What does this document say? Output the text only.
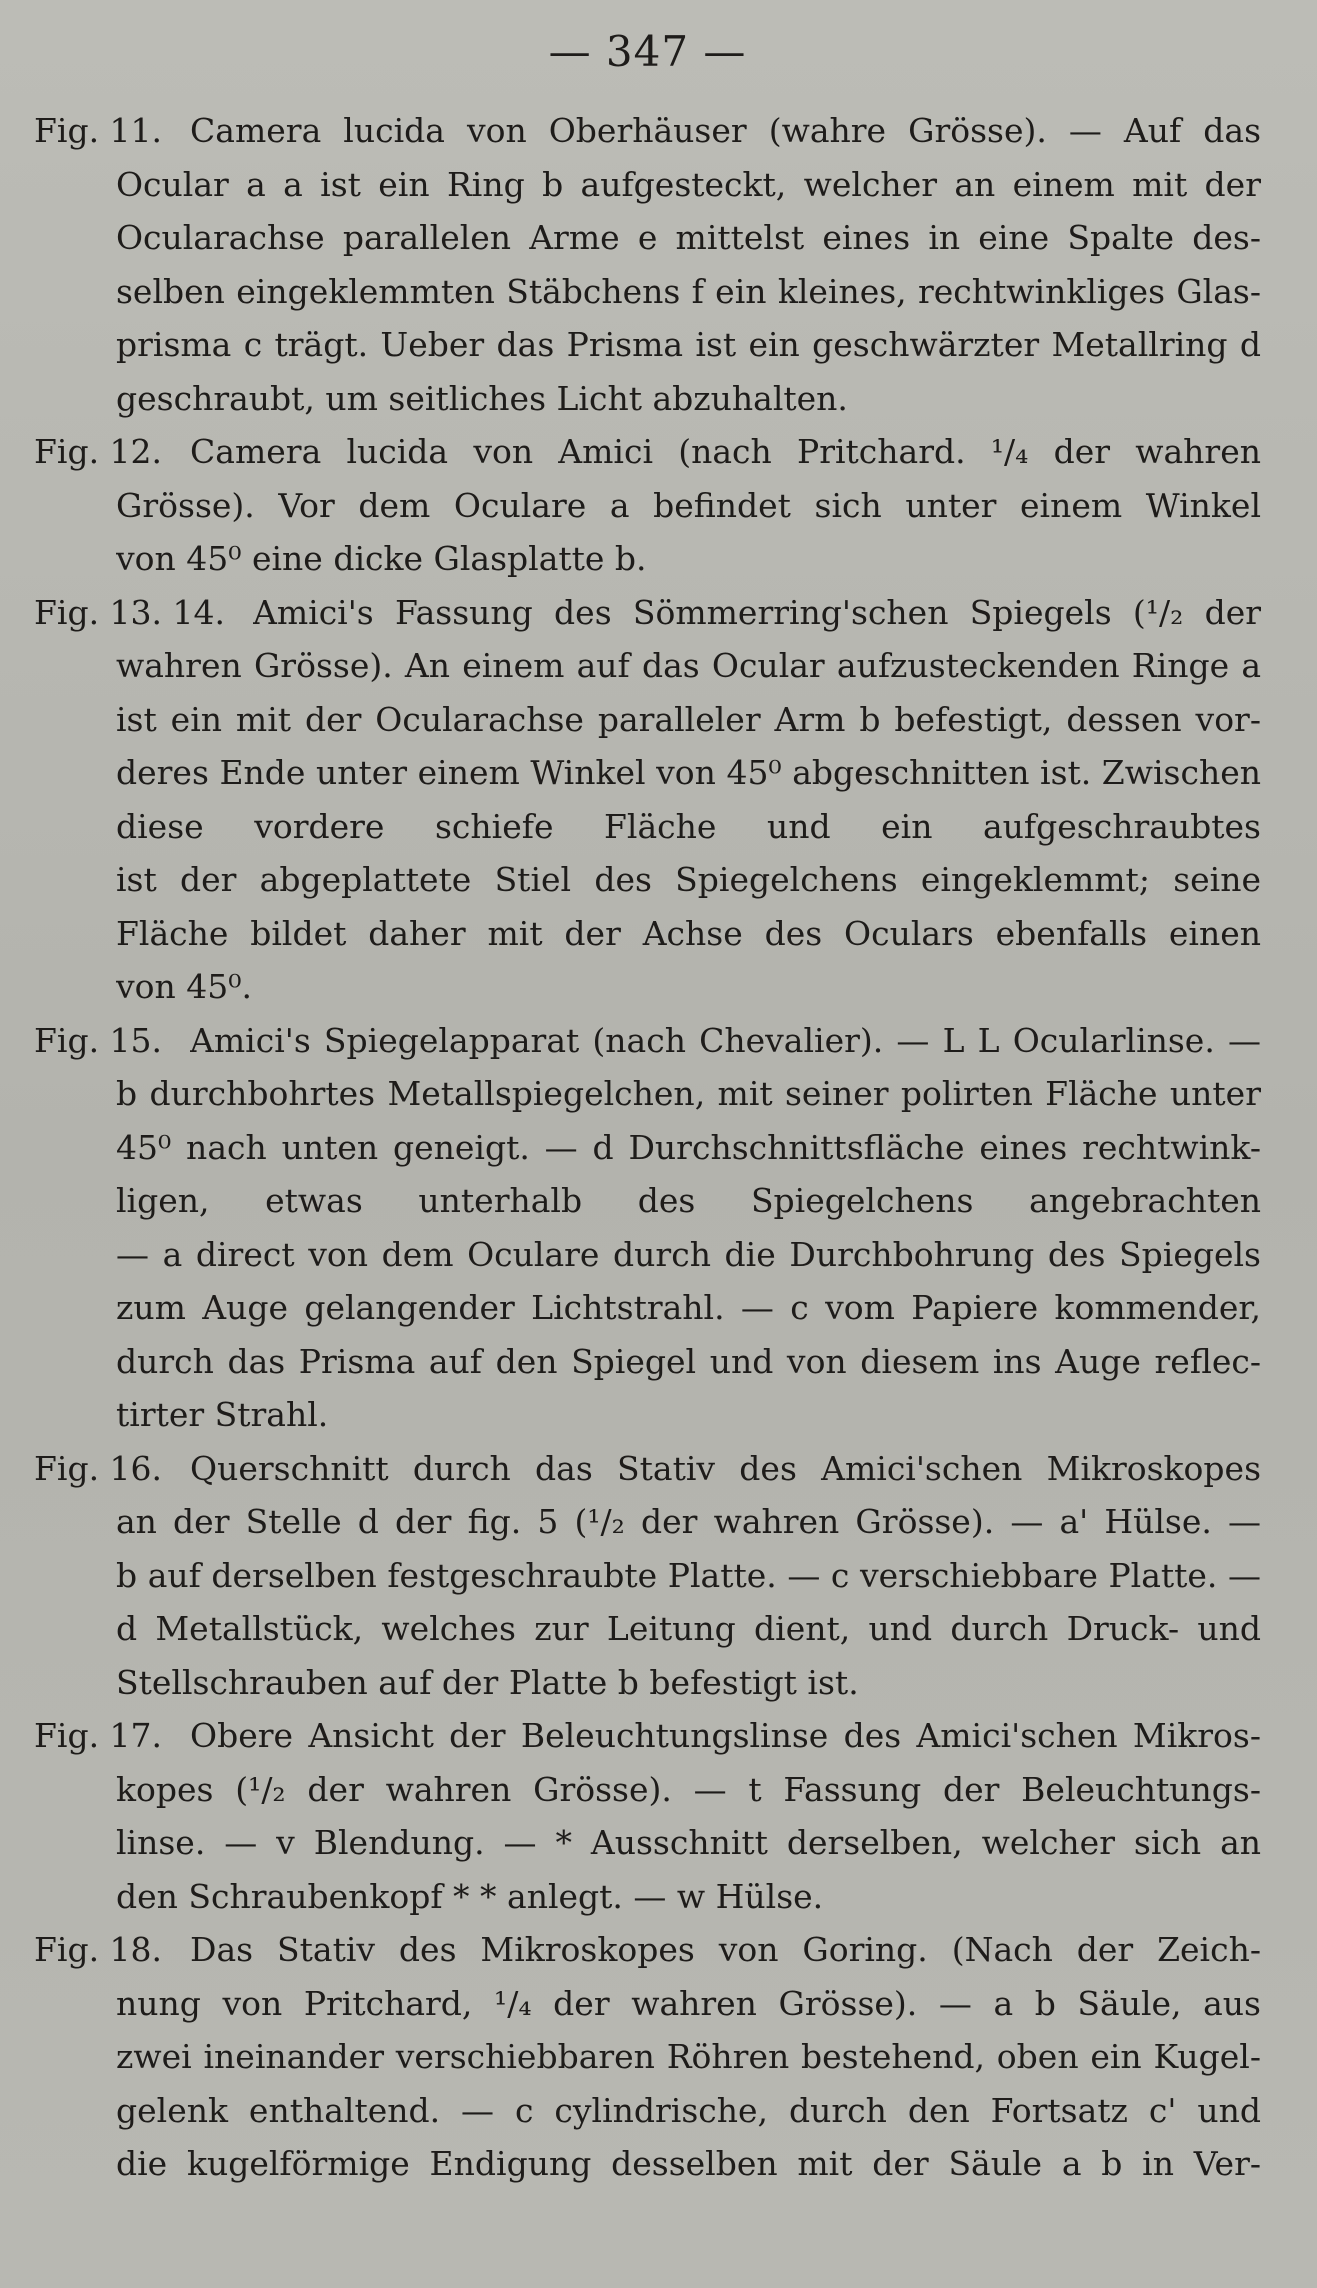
— 347 —
Fig. 11. Camera lucida von Oberhäuser (wahre Grösse). — Auf das
Ocular a a ist ein Ring b aufgesteckt, welcher an einem mit der
Ocularachse parallelen Arme e mittelst eines in eine Spalte des-
selben eingeklemmten Stäbchens f ein kleines, rechtwinkliges Glas-
prisma c trägt. Ueber das Prisma ist ein geschwärzter Metallring d
geschraubt, um seitliches Licht abzuhalten.
Fig. 12. Camera lucida von Amici (nach Pritchard. ¹/₄ der wahren
Grösse). Vor dem Oculare a befindet sich unter einem Winkel
von 45⁰ eine dicke Glasplatte b.
Fig. 13. 14. Amici's Fassung des Sömmerring'schen Spiegels (¹/₂ der
wahren Grösse). An einem auf das Ocular aufzusteckenden Ringe a
ist ein mit der Ocularachse paralleler Arm b befestigt, dessen vor-
deres Ende unter einem Winkel von 45⁰ abgeschnitten ist. Zwischen
diese vordere schiefe Fläche und ein aufgeschraubtes
ist der abgeplattete Stiel des Spiegelchens eingeklemmt; seine
Fläche bildet daher mit der Achse des Oculars ebenfalls einen
von 45⁰.
Fig. 15. Amici's Spiegelapparat (nach Chevalier). — L L Ocularlinse. —
b durchbohrtes Metallspiegelchen, mit seiner polirten Fläche unter
45⁰ nach unten geneigt. — d Durchschnittsfläche eines rechtwink-
ligen, etwas unterhalb des Spiegelchens angebrachten
— a direct von dem Oculare durch die Durchbohrung des Spiegels
zum Auge gelangender Lichtstrahl. — c vom Papiere kommender,
durch das Prisma auf den Spiegel und von diesem ins Auge reflec-
tirter Strahl.
Fig. 16. Querschnitt durch das Stativ des Amici'schen Mikroskopes
an der Stelle d der fig. 5 (¹/₂ der wahren Grösse). — a' Hülse. —
b auf derselben festgeschraubte Platte. — c verschiebbare Platte. —
d Metallstück, welches zur Leitung dient, und durch Druck- und
Stellschrauben auf der Platte b befestigt ist.
Fig. 17. Obere Ansicht der Beleuchtungslinse des Amici'schen Mikros-
kopes (¹/₂ der wahren Grösse). — t Fassung der Beleuchtungs-
linse. — v Blendung. — * Ausschnitt derselben, welcher sich an
den Schraubenkopf * * anlegt. — w Hülse.
Fig. 18. Das Stativ des Mikroskopes von Goring. (Nach der Zeich-
nung von Pritchard, ¹/₄ der wahren Grösse). — a b Säule, aus
zwei ineinander verschiebbaren Röhren bestehend, oben ein Kugel-
gelenk enthaltend. — c cylindrische, durch den Fortsatz c' und
die kugelförmige Endigung desselben mit der Säule a b in Ver-
